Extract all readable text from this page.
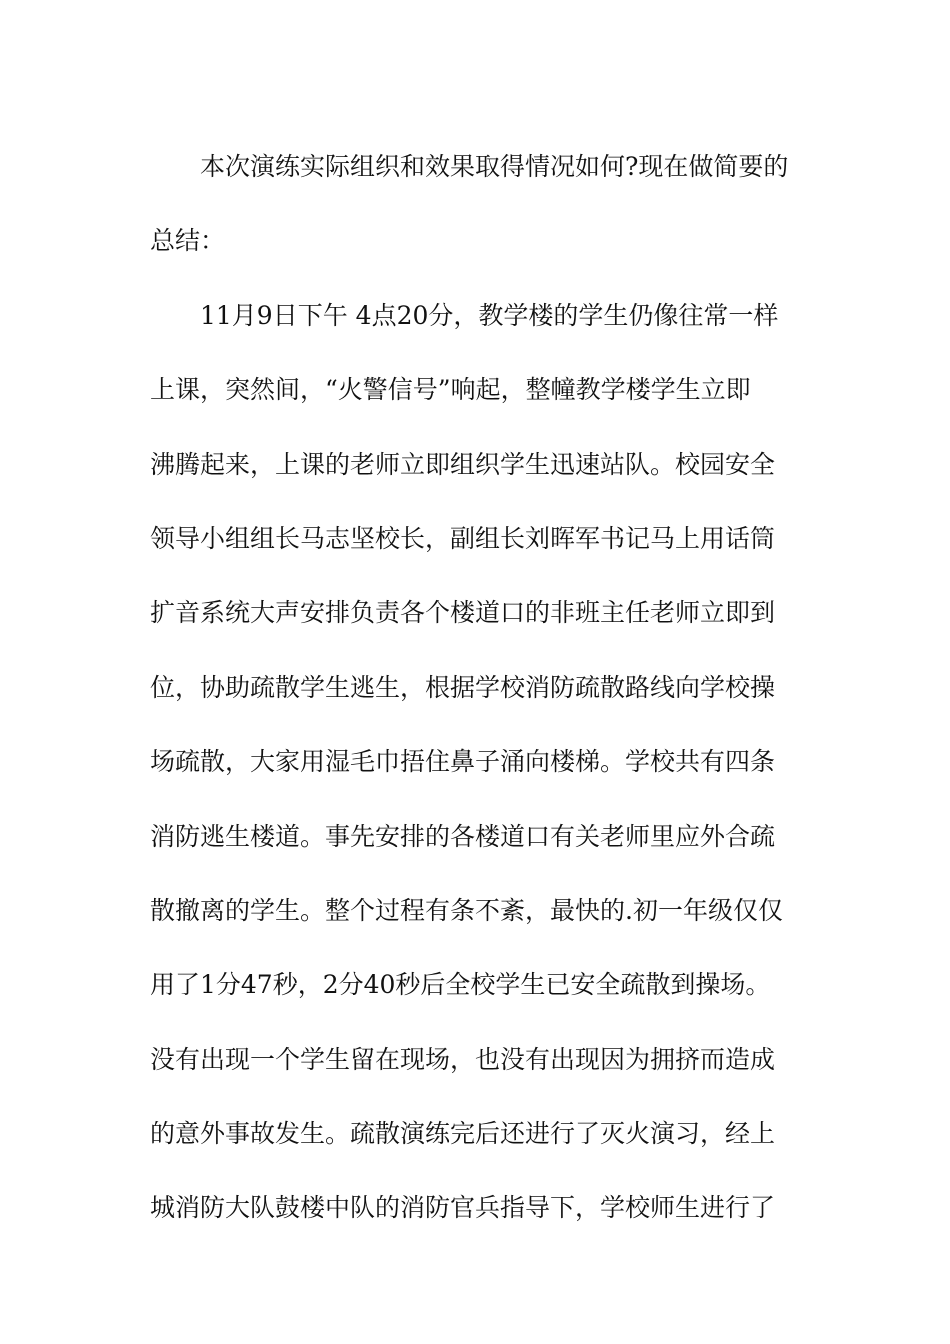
本次演练实际组织和效果取得情况如何?现在做简要的
总结：
11月9日下午 4点20分，教学楼的学生仍像往常一样
上课，突然间，“火警信号”响起，整幢教学楼学生立即
沸腾起来，上课的老师立即组织学生迅速站队。校园安全
领导小组组长马志坚校长，副组长刘晖军书记马上用话筒
扩音系统大声安排负责各个楼道口的非班主任老师立即到
位，协助疏散学生逃生，根据学校消防疏散路线向学校操
场疏散，大家用湿毛巾捂住鼻子涌向楼梯。学校共有四条
消防逃生楼道。事先安排的各楼道口有关老师里应外合疏
散撤离的学生。整个过程有条不紊，最快的.初一年级仅仅
用了1分47秒，2分40秒后全校学生已安全疏散到操场。
没有出现一个学生留在现场，也没有出现因为拥挤而造成
的意外事故发生。疏散演练完后还进行了灭火演习，经上
城消防大队鼓楼中队的消防官兵指导下，学校师生进行了
